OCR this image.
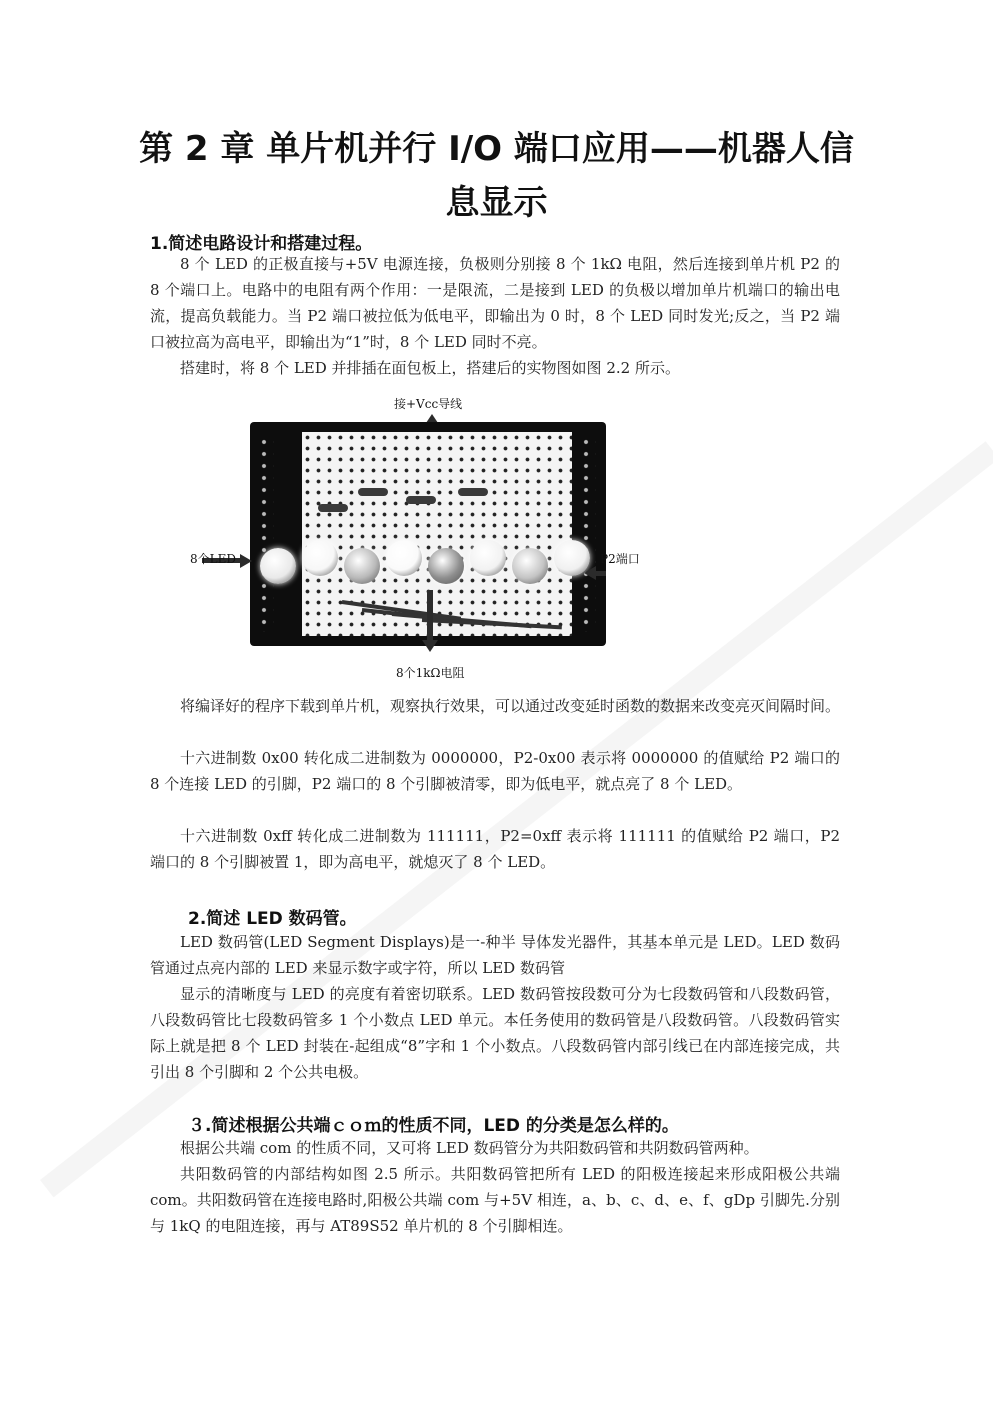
第 2 章 单片机并行 I/O 端口应用——机器人信
息显示
1.简述电路设计和搭建过程。

8 个 LED 的正极直接与+5V 电源连接，负极则分别接 8 个 1kΩ 电阻，然后连接到单片机 P2 的 8 个端口上。电路中的电阻有两个作用：一是限流，二是接到 LED 的负极以增加单片机端口的输出电流，提高负载能力。当 P2 端口被拉低为低电平，即输出为 0 时，8 个 LED 同时发光;反之，当 P2 端口被拉高为高电平，即输出为“1”时，8 个 LED 同时不亮。

搭建时，将 8 个 LED 并排插在面包板上，搭建后的实物图如图 2.2 所示。

接+Vcc导线
8个LED	P2端口
8个1kΩ电阻

将编译好的程序下载到单片机，观察执行效果，可以通过改变延时函数的数据来改变亮灭间隔时间。

十六进制数 0x00 转化成二进制数为 0000000，P2-0x00 表示将 0000000 的值赋给 P2 端口的 8 个连接 LED 的引脚，P2 端口的 8 个引脚被清零，即为低电平，就点亮了 8 个 LED。

十六进制数 0xff 转化成二进制数为 111111，P2=0xff 表示将 111111 的值赋给 P2 端口，P2 端口的 8 个引脚被置 1，即为高电平，就熄灭了 8 个 LED。

2.简述 LED 数码管。

LED 数码管(LED Segment Displays)是一-种半 导体发光器件，其基本单元是 LED。LED 数码管通过点亮内部的 LED 来显示数字或字符，所以 LED 数码管

显示的清晰度与 LED 的亮度有着密切联系。LED 数码管按段数可分为七段数码管和八段数码管，八段数码管比七段数码管多 1 个小数点 LED 单元。本任务使用的数码管是八段数码管。八段数码管实际上就是把 8 个 LED 封装在-起组成“8”字和 1 个小数点。八段数码管内部引线已在内部连接完成，共引出 8 个引脚和 2 个公共电极。

３.简述根据公共端ｃｏｍ的性质不同，LED 的分类是怎么样的。

根据公共端 com 的性质不同，又可将 LED 数码管分为共阳数码管和共阴数码管两种。

共阳数码管的内部结构如图 2.5 所示。共阳数码管把所有 LED 的阳极连接起来形成阳极公共端 com。共阳数码管在连接电路时,阳极公共端 com 与+5V 相连，a、b、c、d、e、f、gDp 引脚先.分别与 1kQ 的电阻连接，再与 AT89S52 单片机的 8 个引脚相连。
